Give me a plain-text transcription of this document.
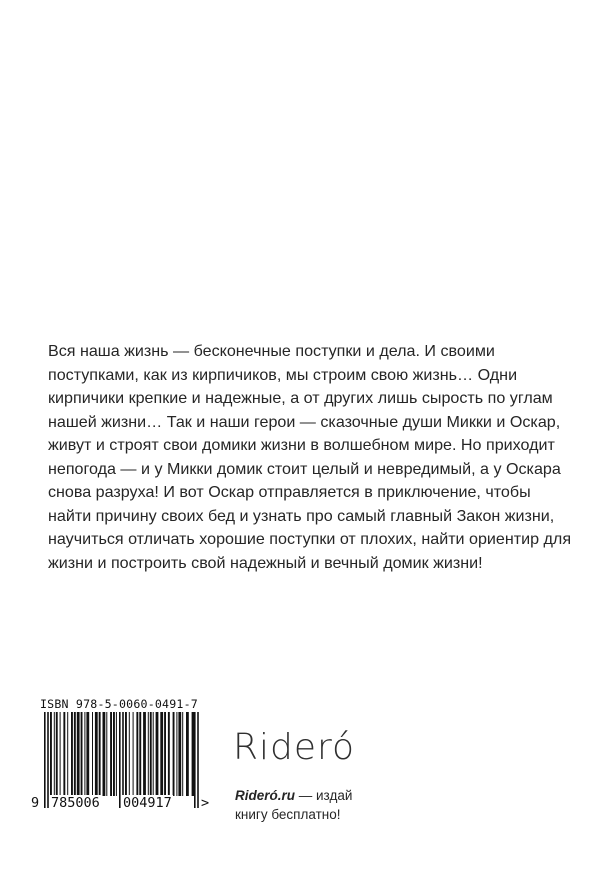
Вся наша жизнь — бесконечные поступки и дела. И своими
поступками, как из кирпичиков, мы строим свою жизнь… Одни
кирпичики крепкие и надежные, а от других лишь сырость по углам
нашей жизни… Так и наши герои — сказочные души Микки и Оскар,
живут и строят свои домики жизни в волшебном мире. Но приходит
непогода — и у Микки домик стоит целый и невредимый, а у Оскара
снова разруха! И вот Оскар отправляется в приключение, чтобы
найти причину своих бед и узнать про самый главный Закон жизни,
научиться отличать хорошие поступки от плохих, найти ориентир для
жизни и построить свой надежный и вечный домик жизни!
ISBN 978-5-0060-0491-7
9 785006 004917 >
Rideró
Rideró.ru — издай
книгу бесплатно!
